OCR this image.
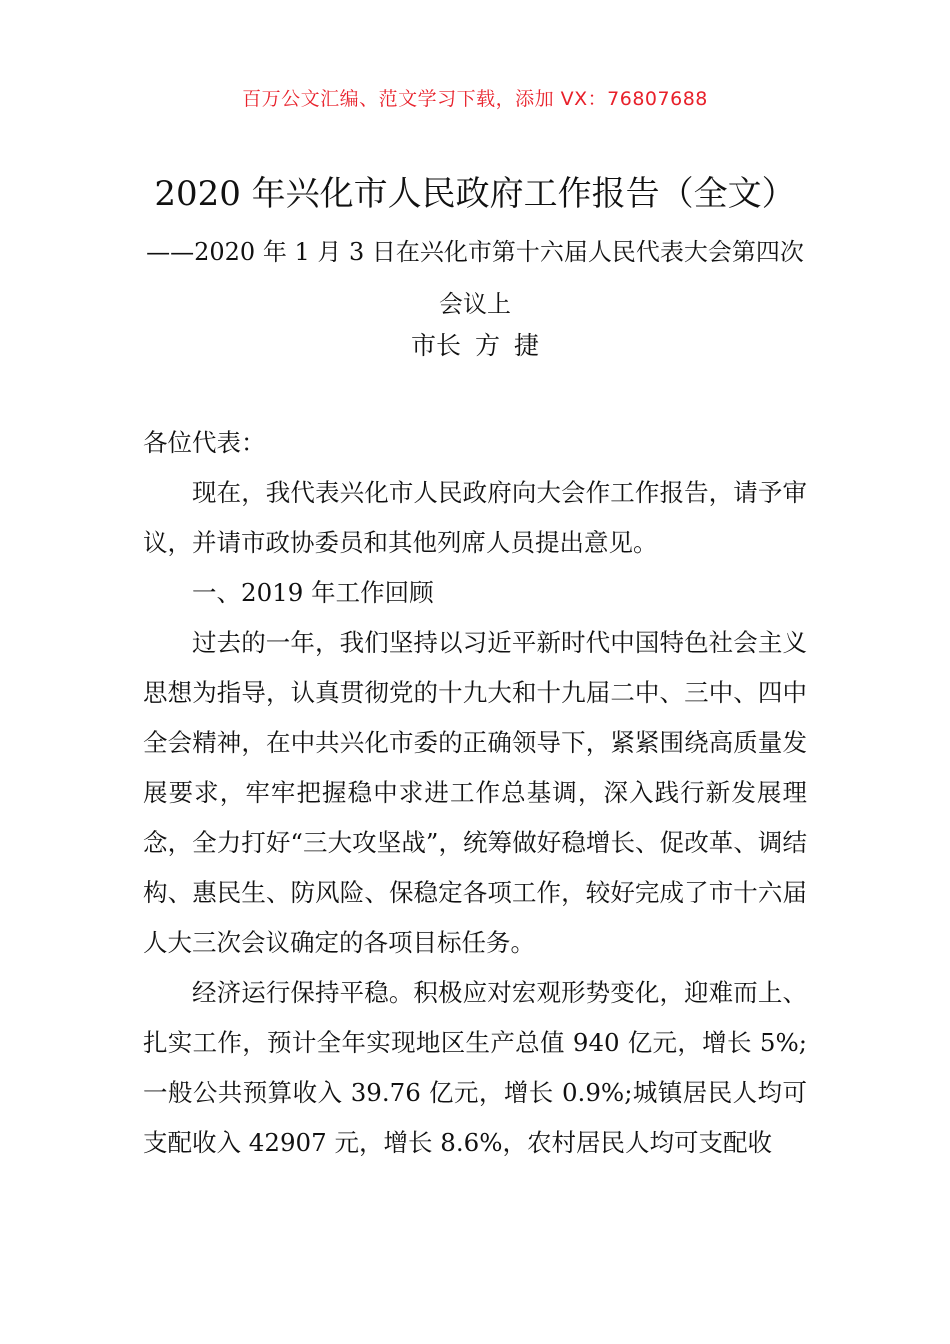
百万公文汇编、范文学习下载，添加 VX：76807688
2020 年兴化市人民政府工作报告（全文）
——2020 年 1 月 3 日在兴化市第十六届人民代表大会第四次会议上
市长 方 捷

各位代表：

现在，我代表兴化市人民政府向大会作工作报告，请予审议，并请市政协委员和其他列席人员提出意见。

一、2019 年工作回顾

过去的一年，我们坚持以习近平新时代中国特色社会主义思想为指导，认真贯彻党的十九大和十九届二中、三中、四中全会精神，在中共兴化市委的正确领导下，紧紧围绕高质量发展要求，牢牢把握稳中求进工作总基调，深入践行新发展理念，全力打好“三大攻坚战”，统筹做好稳增长、促改革、调结构、惠民生、防风险、保稳定各项工作，较好完成了市十六届人大三次会议确定的各项目标任务。

经济运行保持平稳。积极应对宏观形势变化，迎难而上、扎实工作，预计全年实现地区生产总值 940 亿元，增长 5%;一般公共预算收入 39.76 亿元，增长 0.9%;城镇居民人均可支配收入 42907 元，增长 8.6%，农村居民人均可支配收
